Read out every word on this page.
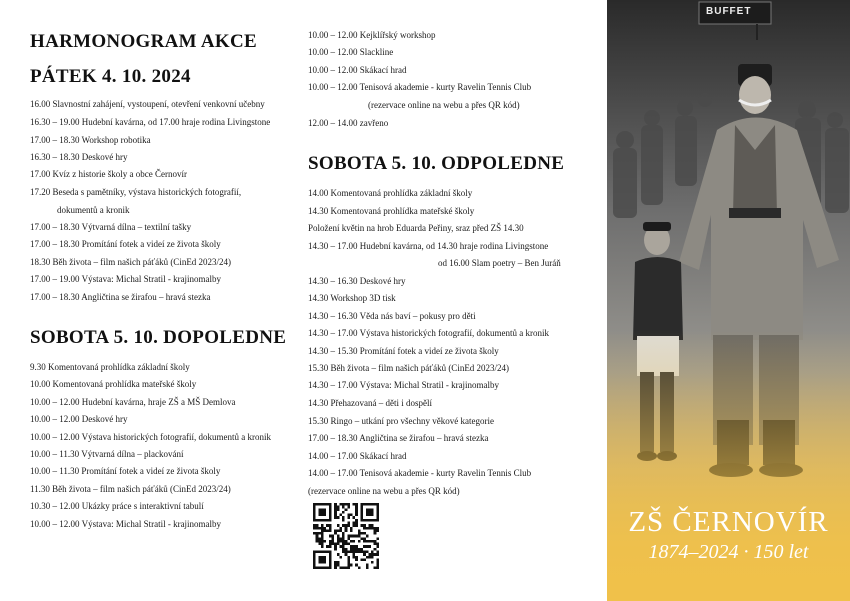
HARMONOGRAM AKCE
PÁTEK 4. 10. 2024
16.00 Slavnostní zahájení, vystoupení, otevření venkovní učebny
16.30 – 19.00 Hudební kavárna, od 17.00 hraje rodina Livingstone
17.00 – 18.30 Workshop robotika
16.30 – 18.30 Deskové hry
17.00 Kvíz z historie školy a obce Černovír
17.20 Beseda s pamětníky, výstava historických fotografií,
dokumentů a kronik
17.00 – 18.30 Výtvarná dílna – textilní tašky
17.00 – 18.30 Promítání fotek a videí ze života školy
18.30 Běh života – film našich páťáků (CinEd 2023/24)
17.00 – 19.00 Výstava: Michal Stratil - krajinomalby
17.00 – 18.30 Angličtina se žirafou – hravá stezka
SOBOTA 5. 10. DOPOLEDNE
9.30 Komentovaná prohlídka základní školy
10.00 Komentovaná prohlídka mateřské školy
10.00 – 12.00 Hudební kavárna, hraje ZŠ a MŠ Demlova
10.00 – 12.00 Deskové hry
10.00 – 12.00 Výstava historických fotografií, dokumentů a kronik
10.00 – 11.30 Výtvarná dílna – plackování
10.00 – 11.30 Promítání fotek a videí ze života školy
11.30 Běh života – film našich páťáků (CinEd 2023/24)
10.30 – 12.00 Ukázky práce s interaktivní tabulí
10.00 – 12.00 Výstava: Michal Stratil - krajinomalby
10.00 – 12.00 Kejklířský workshop
10.00 – 12.00 Slackline
10.00 – 12.00 Skákací hrad
10.00 – 12.00 Tenisová akademie - kurty Ravelin Tennis Club
(rezervace online na webu a přes QR kód)
12.00 – 14.00 zavřeno
SOBOTA 5. 10. ODPOLEDNE
14.00 Komentovaná prohlídka základní školy
14.30 Komentovaná prohlídka mateřské školy
Položení květin na hrob Eduarda Peřiny, sraz před ZŠ 14.30
14.30 – 17.00 Hudební kavárna, od 14.30 hraje rodina Livingstone
od 16.00 Slam poetry – Ben Juráň
14.30 – 16.30 Deskové hry
14.30 Workshop 3D tisk
14.30 – 16.30 Věda nás baví – pokusy pro děti
14.30 – 17.00 Výstava historických fotografií, dokumentů a kronik
14.30 – 15.30 Promítání fotek a videí ze života školy
15.30 Běh života – film našich páťáků (CinEd 2023/24)
14.30 – 17.00 Výstava: Michal Stratil - krajinomalby
14.30 Přehazovaná – děti i dospělí
15.30 Ringo – utkání pro všechny věkové kategorie
17.00 – 18.30 Angličtina se žirafou – hravá stezka
14.00 – 17.00 Skákací hrad
14.00 – 17.00 Tenisová akademie - kurty Ravelin Tennis Club
(rezervace online na webu a přes QR kód)
BUFFET
ZŠ ČERNOVÍR
1874–2024 · 150 let
